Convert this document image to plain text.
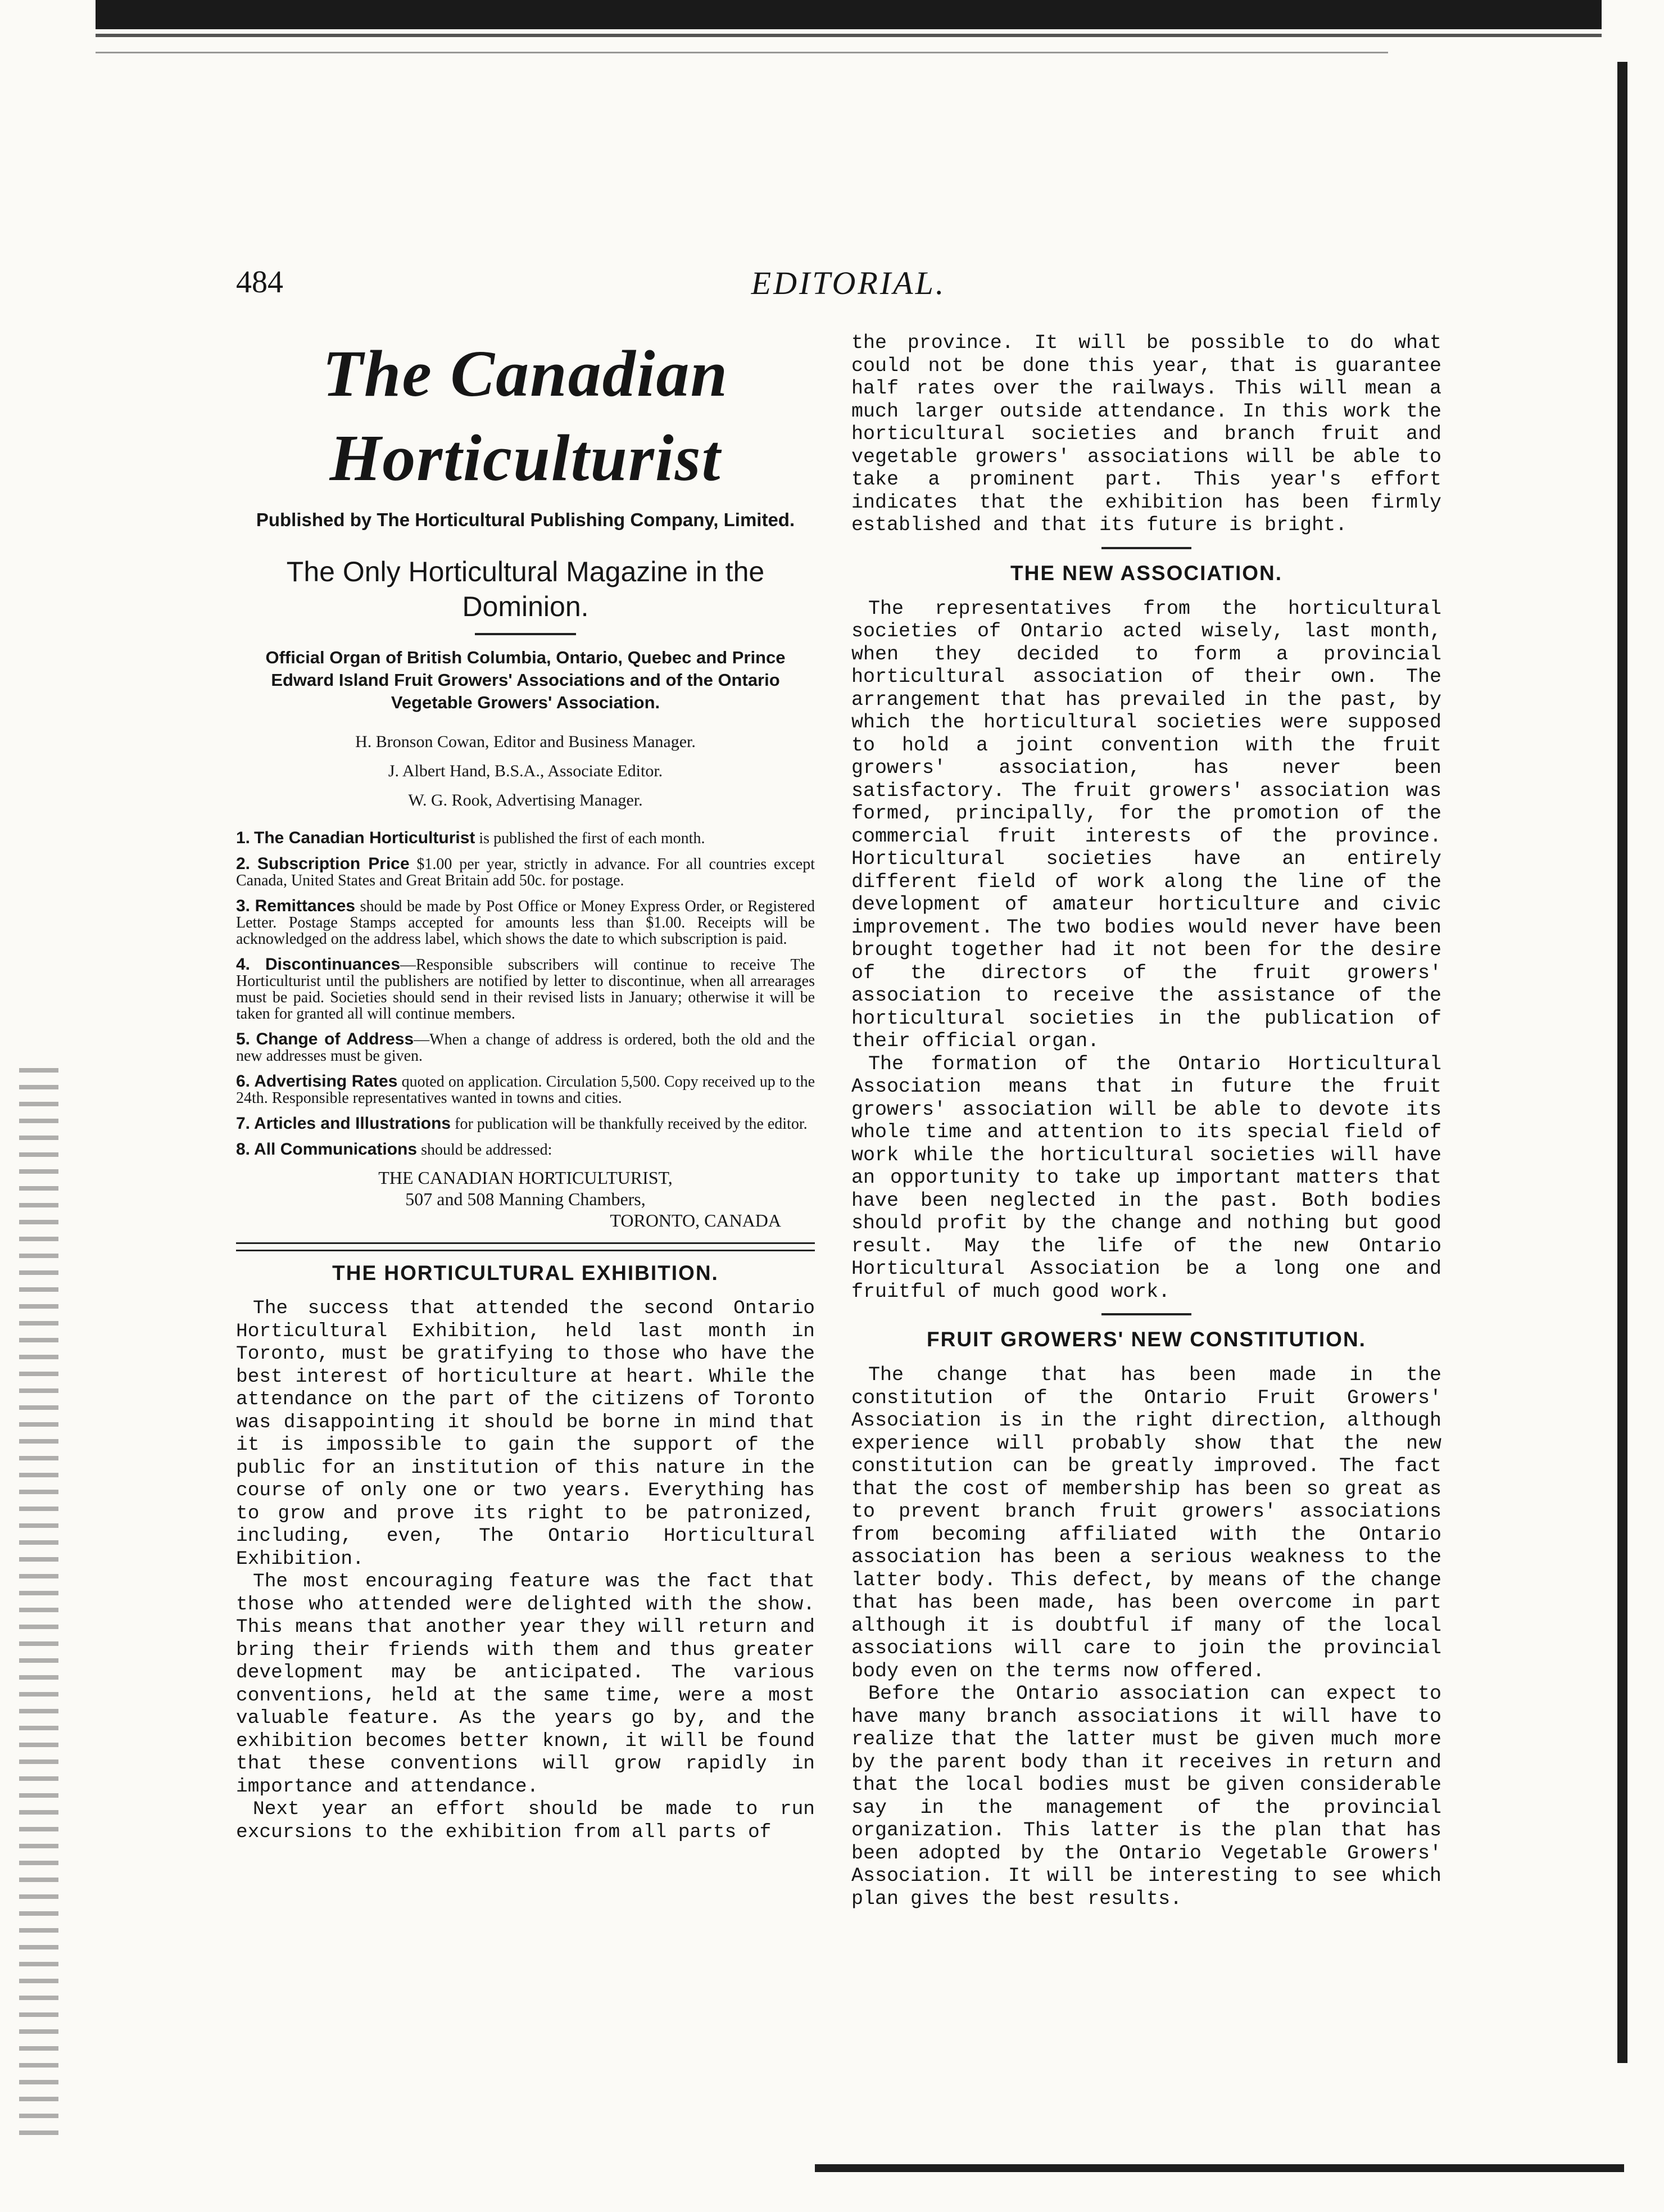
484	EDITORIAL.
The Canadian Horticulturist

Published by The Horticultural Publishing Company, Limited.

The Only Horticultural Magazine in the Dominion.

Official Organ of British Columbia, Ontario, Quebec and Prince Edward Island Fruit Growers' Associations and of the Ontario Vegetable Growers' Association.

H. Bronson Cowan, Editor and Business Manager.

J. Albert Hand, B.S.A., Associate Editor.

W. G. Rook, Advertising Manager.

1. The Canadian Horticulturist is published the first of each month.
2. Subscription Price $1.00 per year, strictly in advance. For all countries except Canada, United States and Great Britain add 50c. for postage.
3. Remittances should be made by Post Office or Money Express Order, or Registered Letter. Postage Stamps accepted for amounts less than $1.00. Receipts will be acknowledged on the address label, which shows the date to which subscription is paid.
4. Discontinuances—Responsible subscribers will continue to receive The Horticulturist until the publishers are notified by letter to discontinue, when all arrearages must be paid. Societies should send in their revised lists in January; otherwise it will be taken for granted all will continue members.
5. Change of Address—When a change of address is ordered, both the old and the new addresses must be given.
6. Advertising Rates quoted on application. Circulation 5,500. Copy received up to the 24th. Responsible representatives wanted in towns and cities.
7. Articles and Illustrations for publication will be thankfully received by the editor.
8. All Communications should be addressed:
THE CANADIAN HORTICULTURIST,
507 and 508 Manning Chambers,
TORONTO, CANADA
THE HORTICULTURAL EXHIBITION.

The success that attended the second Ontario Horticultural Exhibition, held last month in Toronto, must be gratifying to those who have the best interest of horticulture at heart. While the attendance on the part of the citizens of Toronto was disappointing it should be borne in mind that it is impossible to gain the support of the public for an institution of this nature in the course of only one or two years. Everything has to grow and prove its right to be patronized, including, even, The Ontario Horticultural Exhibition.

The most encouraging feature was the fact that those who attended were delighted with the show. This means that another year they will return and bring their friends with them and thus greater development may be anticipated. The various conventions, held at the same time, were a most valuable feature. As the years go by, and the exhibition becomes better known, it will be found that these conventions will grow rapidly in importance and attendance.

Next year an effort should be made to run excursions to the exhibition from all parts of

the province. It will be possible to do what could not be done this year, that is guarantee half rates over the railways. This will mean a much larger outside attendance. In this work the horticultural societies and branch fruit and vegetable growers' associations will be able to take a prominent part. This year's effort indicates that the exhibition has been firmly established and that its future is bright.

THE NEW ASSOCIATION.

The representatives from the horticultural societies of Ontario acted wisely, last month, when they decided to form a provincial horticultural association of their own. The arrangement that has prevailed in the past, by which the horticultural societies were supposed to hold a joint convention with the fruit growers' association, has never been satisfactory. The fruit growers' association was formed, principally, for the promotion of the commercial fruit interests of the province. Horticultural societies have an entirely different field of work along the line of the development of amateur horticulture and civic improvement. The two bodies would never have been brought together had it not been for the desire of the directors of the fruit growers' association to receive the assistance of the horticultural societies in the publication of their official organ.

The formation of the Ontario Horticultural Association means that in future the fruit growers' association will be able to devote its whole time and attention to its special field of work while the horticultural societies will have an opportunity to take up important matters that have been neglected in the past. Both bodies should profit by the change and nothing but good result. May the life of the new Ontario Horticultural Association be a long one and fruitful of much good work.

FRUIT GROWERS' NEW CONSTITUTION.

The change that has been made in the constitution of the Ontario Fruit Growers' Association is in the right direction, although experience will probably show that the new constitution can be greatly improved. The fact that the cost of membership has been so great as to prevent branch fruit growers' associations from becoming affiliated with the Ontario association has been a serious weakness to the latter body. This defect, by means of the change that has been made, has been overcome in part although it is doubtful if many of the local associations will care to join the provincial body even on the terms now offered.

Before the Ontario association can expect to have many branch associations it will have to realize that the latter must be given much more by the parent body than it receives in return and that the local bodies must be given considerable say in the management of the provincial organization. This latter is the plan that has been adopted by the Ontario Vegetable Growers' Association. It will be interesting to see which plan gives the best results.
